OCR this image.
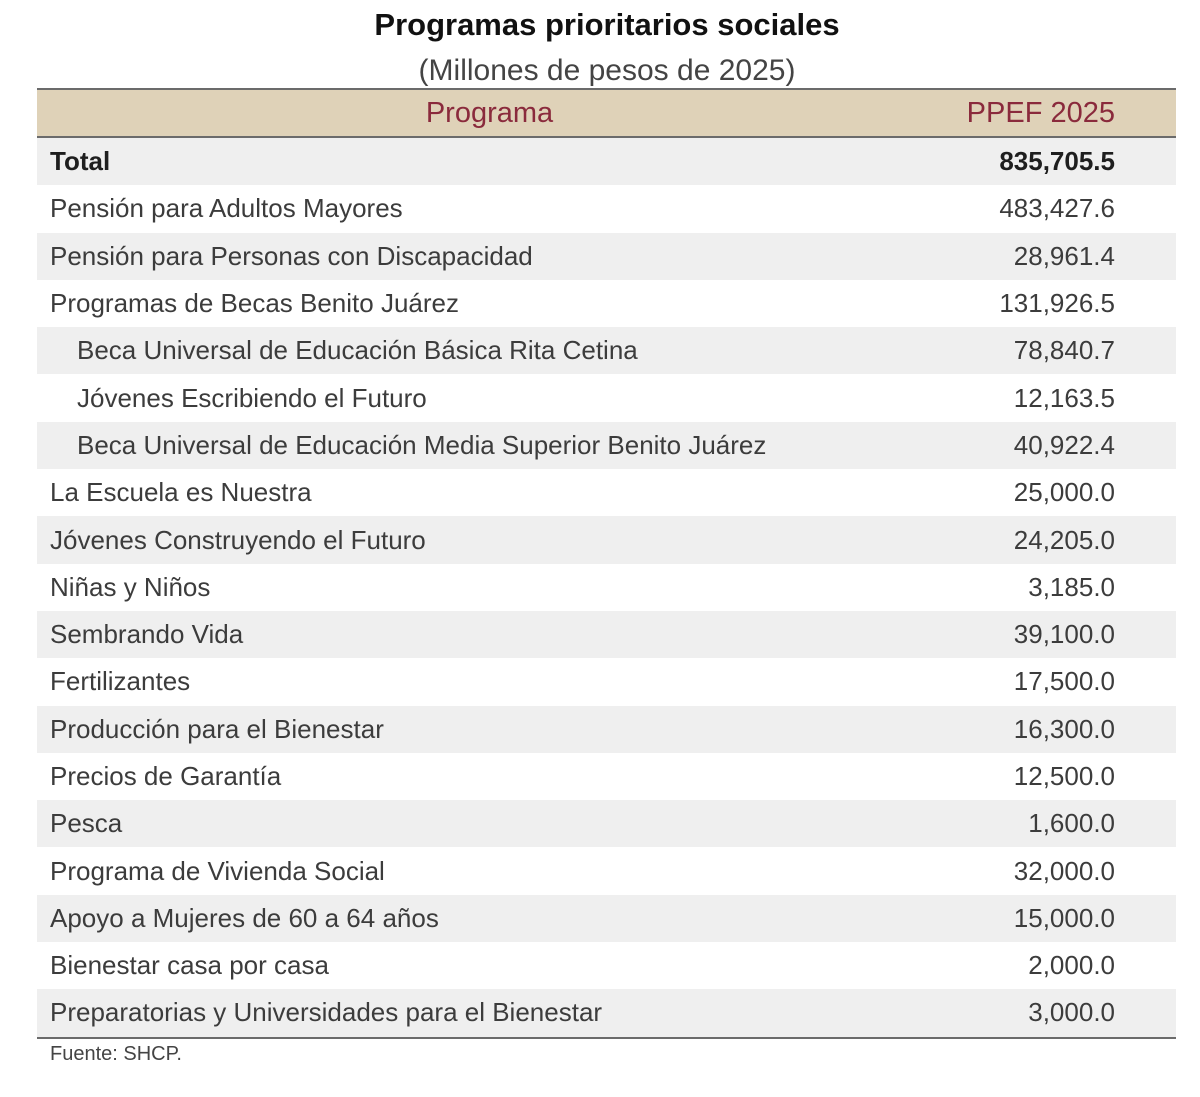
Programas prioritarios sociales
(Millones de pesos de 2025)
Programa	PPEF 2025
Total	835,705.5
Pensión para Adultos Mayores	483,427.6
Pensión para Personas con Discapacidad	28,961.4
Programas de Becas Benito Juárez	131,926.5
Beca Universal de Educación Básica Rita Cetina	78,840.7
Jóvenes Escribiendo el Futuro	12,163.5
Beca Universal de Educación Media Superior Benito Juárez	40,922.4
La Escuela es Nuestra	25,000.0
Jóvenes Construyendo el Futuro	24,205.0
Niñas y Niños	3,185.0
Sembrando Vida	39,100.0
Fertilizantes	17,500.0
Producción para el Bienestar	16,300.0
Precios de Garantía	12,500.0
Pesca	1,600.0
Programa de Vivienda Social	32,000.0
Apoyo a Mujeres de 60 a 64 años	15,000.0
Bienestar casa por casa	2,000.0
Preparatorias y Universidades para el Bienestar	3,000.0
Fuente: SHCP.
